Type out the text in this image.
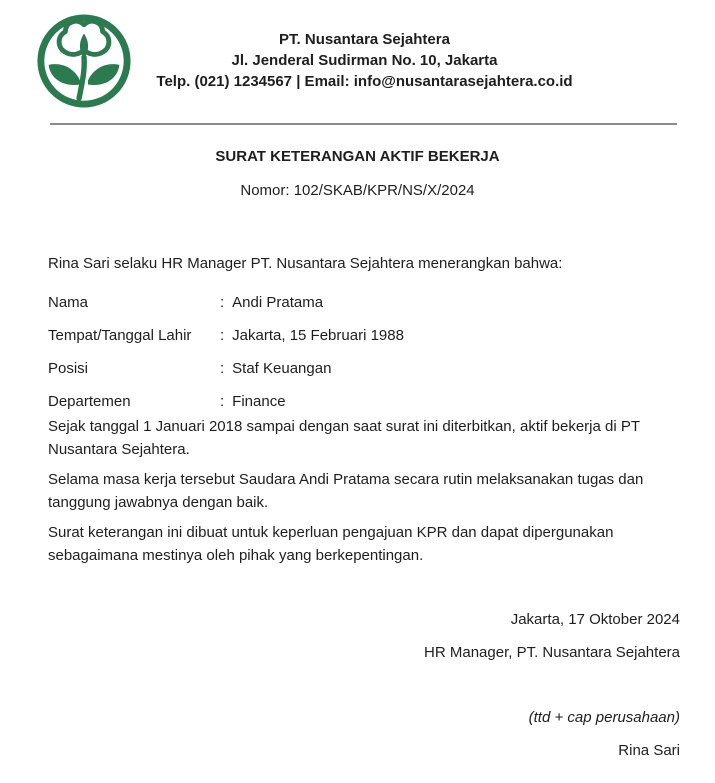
PT. Nusantara Sejahtera
Jl. Jenderal Sudirman No. 10, Jakarta
Telp. (021) 1234567 | Email: info@nusantarasejahtera.co.id
SURAT KETERANGAN AKTIF BEKERJA
Nomor: 102/SKAB/KPR/NS/X/2024
Rina Sari selaku HR Manager PT. Nusantara Sejahtera menerangkan bahwa:
Nama	: Andi Pratama
Tempat/Tanggal Lahir : Jakarta, 15 Februari 1988
Posisi	: Staf Keuangan
Departemen	: Finance
Sejak tanggal 1 Januari 2018 sampai dengan saat surat ini diterbitkan, aktif bekerja di PT Nusantara Sejahtera.
Selama masa kerja tersebut Saudara Andi Pratama secara rutin melaksanakan tugas dan tanggung jawabnya dengan baik.
Surat keterangan ini dibuat untuk keperluan pengajuan KPR dan dapat dipergunakan sebagaimana mestinya oleh pihak yang berkepentingan.
Jakarta, 17 Oktober 2024
HR Manager, PT. Nusantara Sejahtera
(ttd + cap perusahaan)
Rina Sari
